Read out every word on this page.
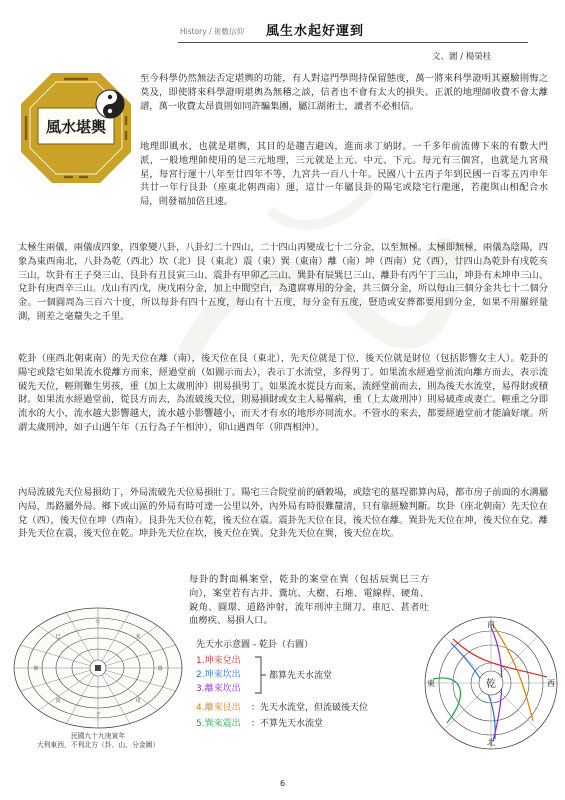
History / 術數信仰 風生水起好運到
文、圖 / 楊榮桂
風水堪輿

至今科學仍然無法否定堪輿的功能，有人對這門學問持保留態度，萬一將來科學證明其靈驗則悔之莫及，即使將來科學證明堪輿為無稽之談，信者也不會有太大的損失。正派的地理師收費不會太離譜，萬一收費太昂貴則如同許騙集團，屬江湖術士，讀者不必相信。

地理即風水，也就是堪輿，其目的是趨吉避凶，進而求丁納財。一千多年前流傳下來的有數大門派，一般地理師使用的是三元地理，三元就是上元、中元、下元。每元有三個宮，也就是九宮飛星，每宮行運十八年至廿四年不等，九宮共一百八十年。民國八十五丙子年到民國一百零五丙申年共廿一年行艮卦（座東北朝西南）運，這廿一年屬艮卦的陽宅或陰宅行龍運，若龍與山相配合水局，則發福加倍且速。

太極生兩儀，兩儀成四象，四象變八卦，八卦幻二十四山，二十四山再變成七十二分金，以至無極。太極即無極，兩儀為陰陽，四象為東西南北，八卦為乾（西北）坎（北）艮（東北）震（東）巽（東南）離（南）坤（西南）兌（西），廿四山為乾卦有戌乾亥三山，坎卦有王子癸三山、艮卦有丑艮寅三山、震卦有甲卯乙三山、巽卦有辰巽巳三山、離卦有丙午丁三山，坤卦有未坤申三山、兌卦有庚酉辛三山。戊山有丙戊，庚戊兩分金，加上中間空白，為遺腐專用的分金，共三個分金，所以每山三個分金共七十二個分金。一個圓周為三百六十度，所以每卦有四十五度，每山有十五度，每分金有五度，豎造或安葬都要用到分金，如果不用羅經量測，則差之毫釐失之千里。

乾卦（座西北朝東南）的先天位在離（南），後天位在艮（東北），先天位就是丁位，後天位就是財位（包括影響女主人）。乾卦的陽宅或陰宅如果流水從離方而來，經過堂前（如圖示而去），表示丁水流堂，多得男丁。如果流水經過堂前流向離方而去，表示流破先天位，輕則難生男孩，重（加上太歲刑沖）則易損男丁。如果流水從艮方而來，流經堂前而去，則為後天水流堂，易得財或積財。如果流水經過堂前，從艮方而去，為流破後天位，則易損財或女主人易罹病，重（上太歲刑沖）則易破產或妻亡。輕重之分即流水的大小，流水越大影響越大，流水越小影響越小，而天才有水的地形亦同流水。不管水的來去，都要經過堂前才能論好壞。所謂太歲刑沖，如子山遇午年（五行為子午相沖），卯山遇酉年（卯酉相沖）。

內局流破先天位易損幼丁，外局流破先天位易損壯丁。陽宅三合院堂前的硒穀場，或陰宅的墓埕都算內局，都市房子前面的水溝屬內局，馬路屬外局。鄉下或山區的外局有時可達一公里以外，內外局有時很難釐清，只有靠經驗判斷。坎卦（座北朝南）先天位在兌（西），後天位在坤（西南）。艮卦先天位在乾，後天位在震。震卦先天位在艮，後天位在離。巽卦先天位在坤，後天位在兌。離卦先天位在震，後天位在乾。坤卦先天位在坎，後天位在巽。兌卦先天位在巽，後天位在坎。

每卦的對面稱案堂，乾卦的案堂在巽（包括辰巽巳三方向），案堂若有古井、糞坑、大樹、石堆、電線桿、硬角、銳角、圓環、道路沖射，流年刑沖主開刀、車厄、甚者吐血癆疾、易損人口。

午
子
卯	酉
巳	未
寅	戌
民國九十九庚寅年
大利東西，不利北方（卦、山、分金圖）
先天水示意圖 - 乾卦（右圖）
1.坤來兌出
2.坤來坎出
3.離來坎出
4.離來艮出
5.巽來震出
都算先天水流堂
：先天水流堂，但流破後天位
：不算先天水流堂
乾
南
北
東	西
6
